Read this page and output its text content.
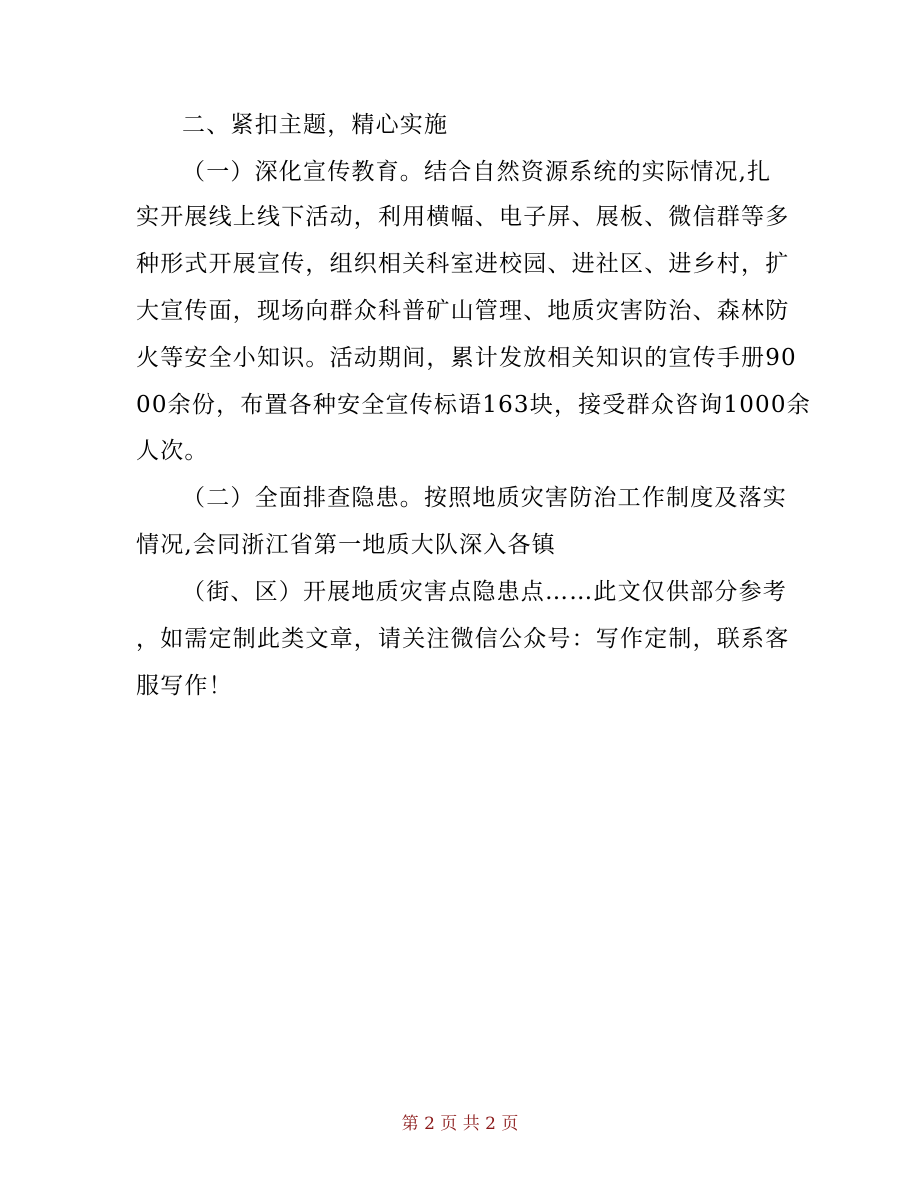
二、紧扣主题，精心实施
（一）深化宣传教育。结合自然资源系统的实际情况,扎
实开展线上线下活动，利用横幅、电子屏、展板、微信群等多
种形式开展宣传，组织相关科室进校园、进社区、进乡村，扩
大宣传面，现场向群众科普矿山管理、地质灾害防治、森林防
火等安全小知识。活动期间，累计发放相关知识的宣传手册90
00余份，布置各种安全宣传标语163块，接受群众咨询1000余
人次。
（二）全面排查隐患。按照地质灾害防治工作制度及落实
情况,会同浙江省第一地质大队深入各镇
（街、区）开展地质灾害点隐患点……此文仅供部分参考
，如需定制此类文章，请关注微信公众号：写作定制，联系客
服写作！
第 2 页 共 2 页
